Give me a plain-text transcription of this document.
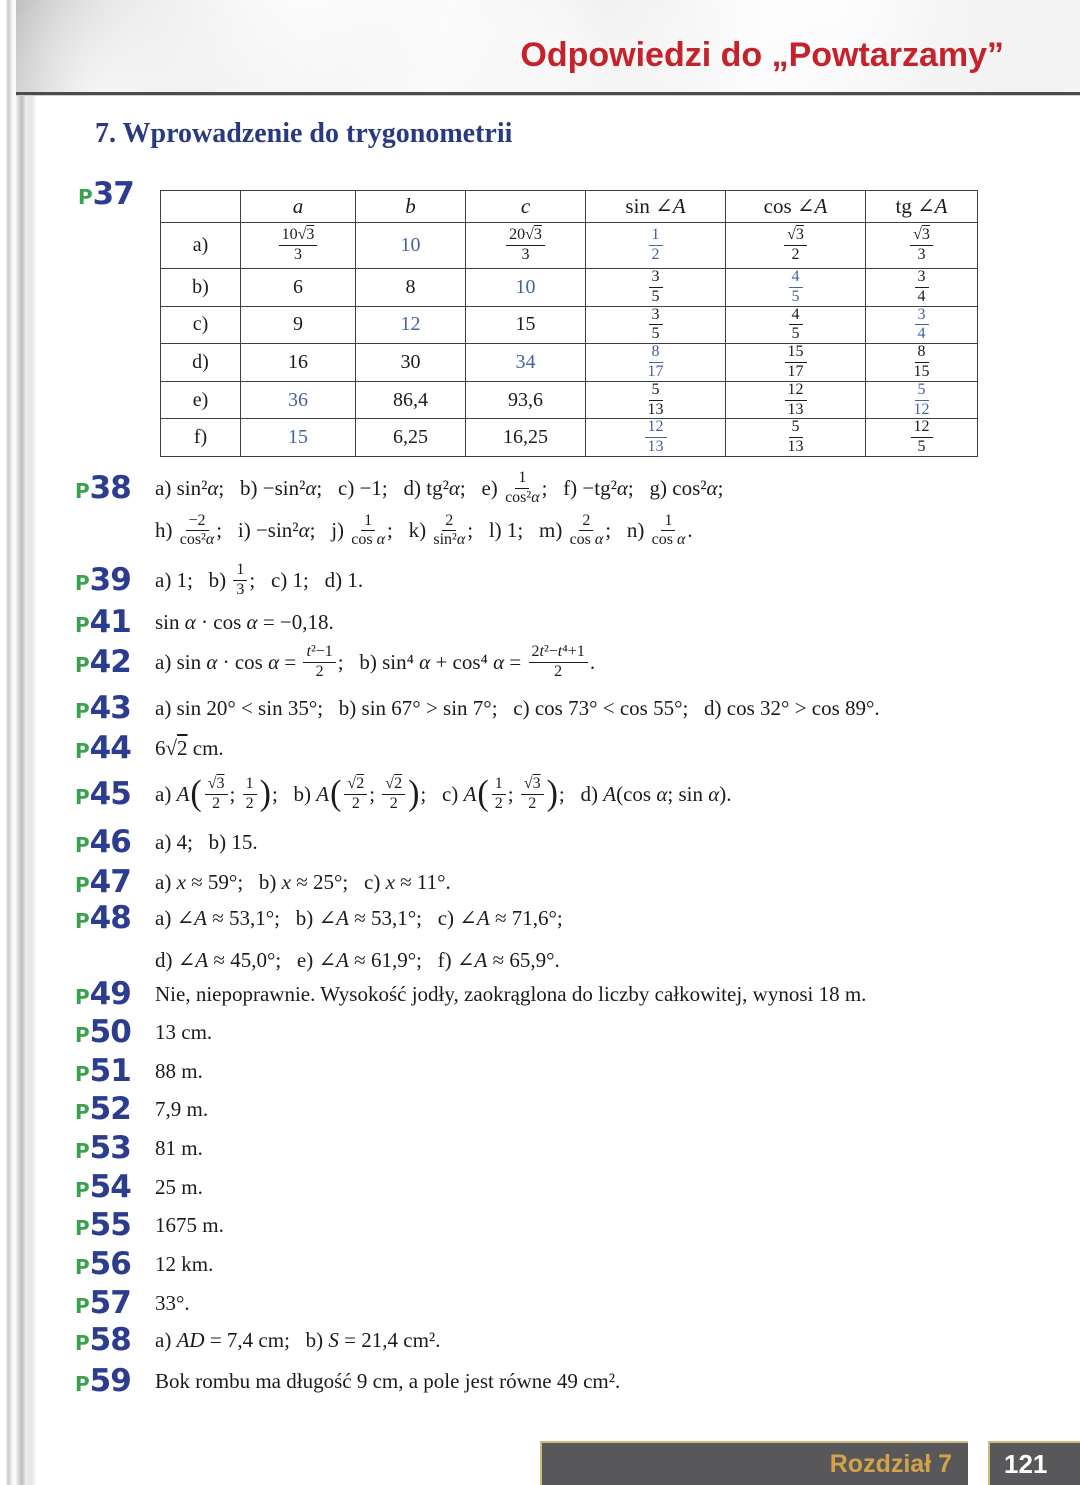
Odpowiedzi do „Powtarzamy”
7. Wprowadzenie do trygonometrii
P37
		a	b	c	sin ∠A	cos ∠A	tg ∠A
a)	$\frac{10√3}{3}$	10	$\frac{20√3}{3}$	$\frac{1}{2}$	$\frac{√3}{2}$	$\frac{√3}{3}$

b)	6	8	10	$\frac{3}{5}$	$\frac{4}{5}$	$\frac{3}{4}$

c)	9	12	15	$\frac{3}{5}$	$\frac{4}{5}$	$\frac{3}{4}$

d)	16	30	34	$\frac{8}{17}$	$\frac{15}{17}$	$\frac{8}{15}$

e)	36	86,4	93,6	$\frac{5}{13}$	$\frac{12}{13}$	$\frac{5}{12}$

f)	15	6,25	16,25	$\frac{12}{13}$	$\frac{5}{13}$	$\frac{12}{5}$
P38	a) sin²α;   b) −sin²α;   c) −1;   d) tg²α;   $e) \frac{1}{\text{cos²α}}$ ;   f) −tg²α;   g) cos²α;
$h) \frac{-2}{\text{cos²α}}$ ;   i) −sin²α;   $j) \frac{1}{\text{cos α}}$ ;   $k) \frac{2}{\text{sin²α}}$ ;   l) 1;   $m) \frac{2}{\text{cos α}}$ ;   $n) \frac{1}{\text{cos α}}$ .
P39	a) 1;   $b) \frac{1}{3}$ ;   c) 1;   d) 1.
P41	sin α · cos α = −0,18.
P42	a) $\sin \alpha \cdot \cos \alpha = \frac{\text{t²−1}}{2}$ ;   b) sin⁴ α + cos⁴ $\alpha = \frac{\text{2t²−t⁴+1}}{2}$ .
P43	a) sin 20° < sin 35°;   b) sin 67° > sin 7°;   c) cos 73° < cos 55°;   d) cos 32° > cos 89°.
P44	6√2 cm.
P45	a) A ( $\frac{√3}{2}$ ; $\frac{1}{2}$ ) ;   b) A ( $\frac{√2}{2}$ ; $\frac{√2}{2}$ ) ;   c) A ( $\frac{1}{2}$ ; $\frac{√3}{2}$ ) ;   d) A(cos α; sin α).
P46	a) 4;   b) 15.
P47	a) x ≈ 59°;   b) x ≈ 25°;   c) x ≈ 11°.
P48	a) ∠A ≈ 53,1°;   b) ∠A ≈ 53,1°;   c) ∠A ≈ 71,6°;
d) ∠A ≈ 45,0°;   e) ∠A ≈ 61,9°;   f) ∠A ≈ 65,9°.
P49	Nie, niepoprawnie. Wysokość jodły, zaokrąglona do liczby całkowitej, wynosi 18 m.
P50	13 cm.
P51	88 m.
P52	7,9 m.
P53	81 m.
P54	25 m.
P55	1675 m.
P56	12 km.
P57	33°.
P58	a) AD = 7,4 cm;   b) S = 21,4 cm².
P59	Bok rombu ma długość 9 cm, a pole jest równe 49 cm².
Rozdział 7 121
